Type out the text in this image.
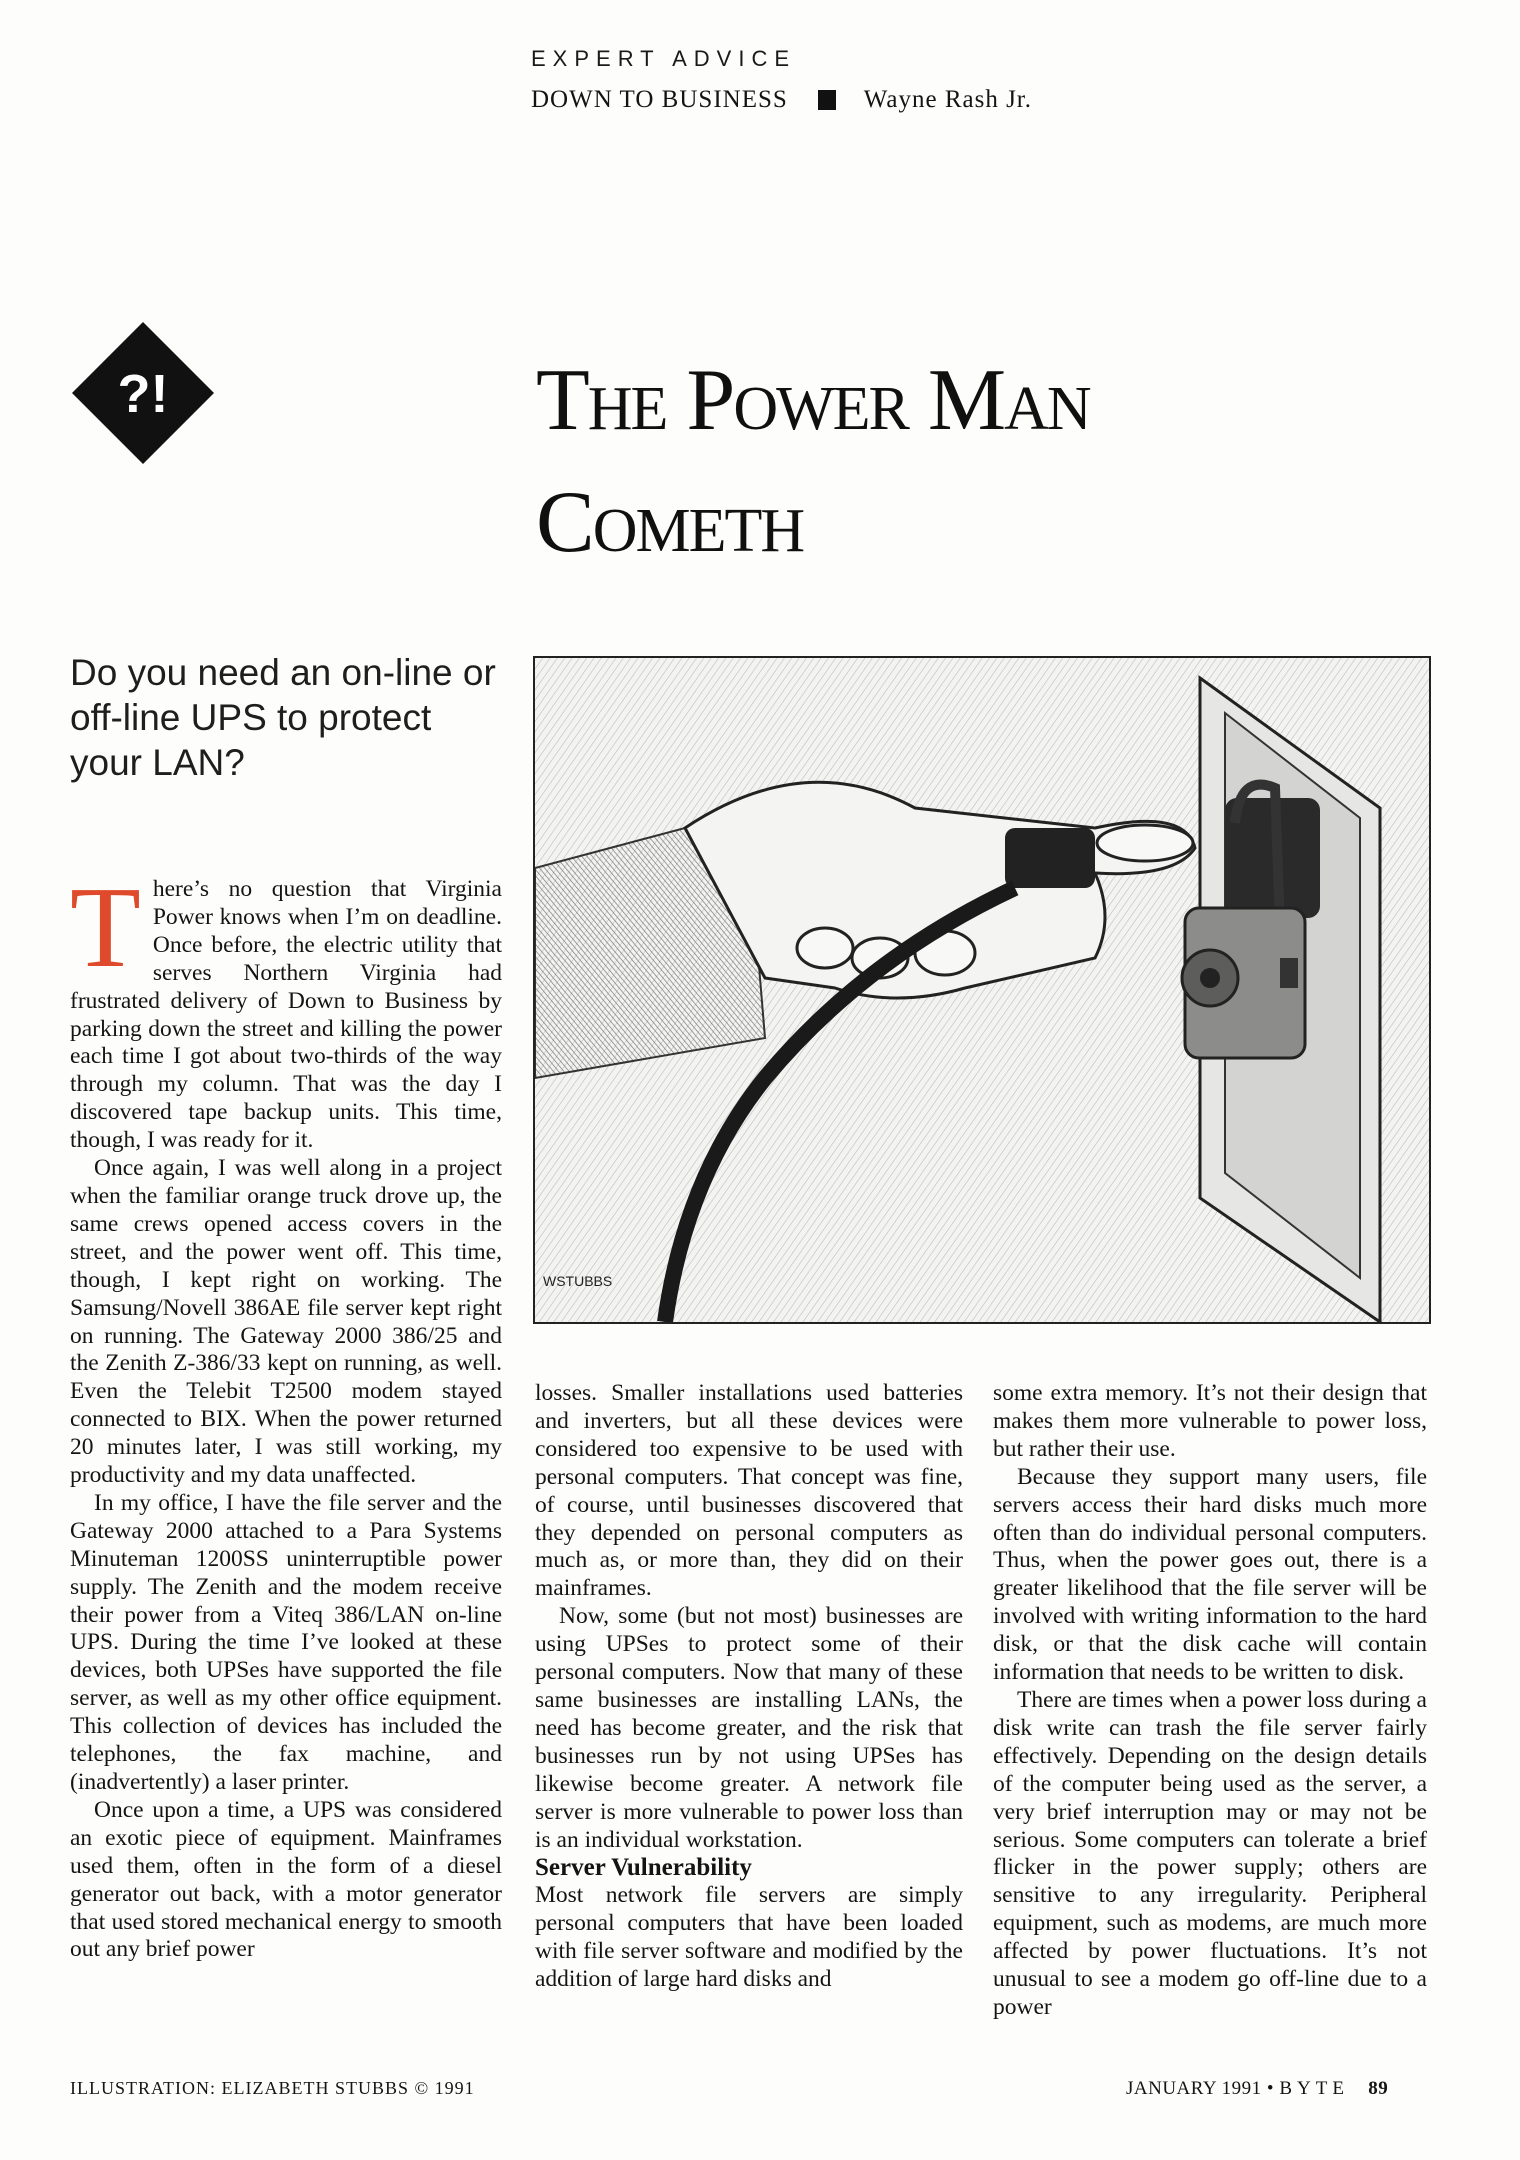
EXPERT ADVICE
DOWN TO BUSINESS	Wayne Rash Jr.
?!	The Power Man
Cometh
Do you need an on-line or off-line UPS to protect your LAN?
WSTUBBS

There’s no question that Virginia Power knows when I’m on deadline. Once before, the electric utility that serves Northern Virginia had frustrated delivery of Down to Business by parking down the street and killing the power each time I got about two-thirds of the way through my column. That was the day I discovered tape backup units. This time, though, I was ready for it.

Once again, I was well along in a project when the familiar orange truck drove up, the same crews opened access covers in the street, and the power went off. This time, though, I kept right on working. The Samsung/Novell 386AE file server kept right on running. The Gateway 2000 386/25 and the Zenith Z-386/33 kept on running, as well. Even the Telebit T2500 modem stayed connected to BIX. When the power returned 20 minutes later, I was still working, my productivity and my data unaffected.

In my office, I have the file server and the Gateway 2000 attached to a Para Systems Minuteman 1200SS uninterruptible power supply. The Zenith and the modem receive their power from a Viteq 386/LAN on-line UPS. During the time I’ve looked at these devices, both UPSes have supported the file server, as well as my other office equipment. This collection of devices has included the telephones, the fax machine, and (inadvertently) a laser printer.

Once upon a time, a UPS was considered an exotic piece of equipment. Mainframes used them, often in the form of a diesel generator out back, with a motor generator that used stored mechanical energy to smooth out any brief power

losses. Smaller installations used batteries and inverters, but all these devices were considered too expensive to be used with personal computers. That concept was fine, of course, until businesses discovered that they depended on personal computers as much as, or more than, they did on their mainframes.

Now, some (but not most) businesses are using UPSes to protect some of their personal computers. Now that many of these same businesses are installing LANs, the need has become greater, and the risk that businesses run by not using UPSes has likewise become greater. A network file server is more vulnerable to power loss than is an individual workstation.

Server Vulnerability

Most network file servers are simply personal computers that have been loaded with file server software and modified by the addition of large hard disks and

some extra memory. It’s not their design that makes them more vulnerable to power loss, but rather their use.

Because they support many users, file servers access their hard disks much more often than do individual personal computers. Thus, when the power goes out, there is a greater likelihood that the file server will be involved with writing information to the hard disk, or that the disk cache will contain information that needs to be written to disk.

There are times when a power loss during a disk write can trash the file server fairly effectively. Depending on the design details of the computer being used as the server, a very brief interruption may or may not be serious. Some computers can tolerate a brief flicker in the power supply; others are sensitive to any irregularity. Peripheral equipment, such as modems, are much more affected by power fluctuations. It’s not unusual to see a modem go off-line due to a power

ILLUSTRATION: ELIZABETH STUBBS © 1991	JANUARY 1991 • BYTE 89
